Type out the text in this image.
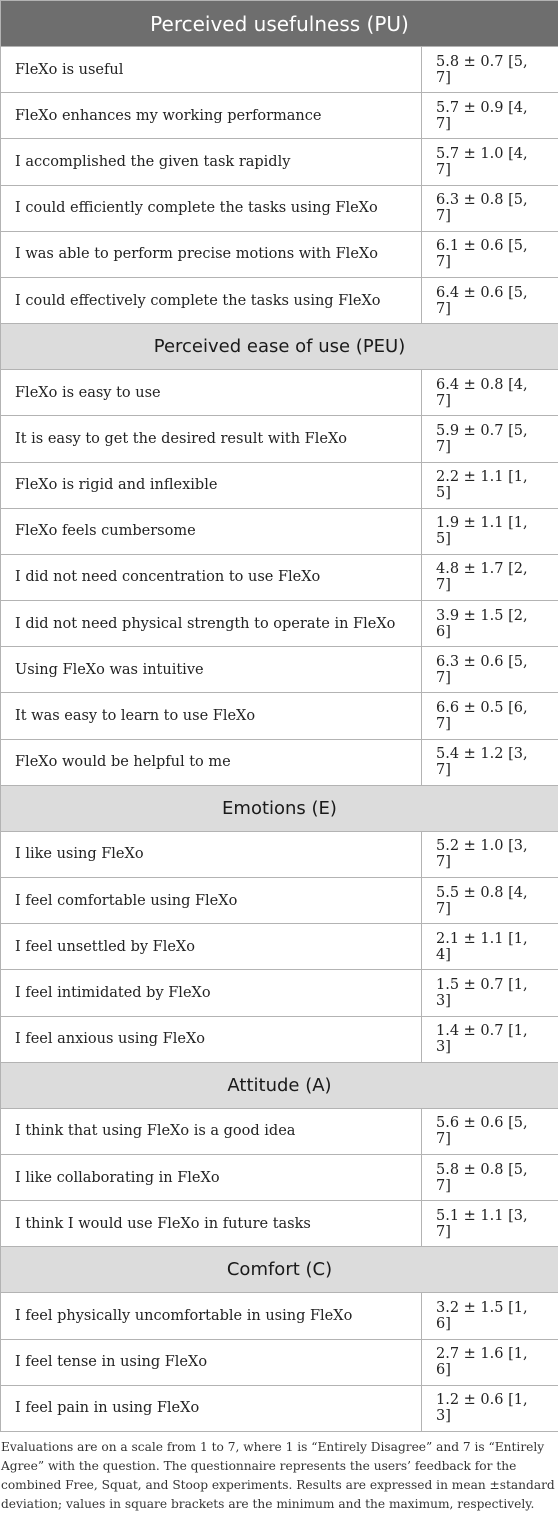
Perceived usefulness (PU)	
FleXo is useful	5.8 ± 0.7 [5, 7]
FleXo enhances my working performance	5.7 ± 0.9 [4, 7]
I accomplished the given task rapidly	5.7 ± 1.0 [4, 7]
I could efficiently complete the tasks using FleXo	6.3 ± 0.8 [5, 7]
I was able to perform precise motions with FleXo	6.1 ± 0.6 [5, 7]
I could effectively complete the tasks using FleXo	6.4 ± 0.6 [5, 7]
Perceived ease of use (PEU)	
FleXo is easy to use	6.4 ± 0.8 [4, 7]
It is easy to get the desired result with FleXo	5.9 ± 0.7 [5, 7]
FleXo is rigid and inflexible	2.2 ± 1.1 [1, 5]
FleXo feels cumbersome	1.9 ± 1.1 [1, 5]
I did not need concentration to use FleXo	4.8 ± 1.7 [2, 7]
I did not need physical strength to operate in FleXo	3.9 ± 1.5 [2, 6]
Using FleXo was intuitive	6.3 ± 0.6 [5, 7]
It was easy to learn to use FleXo	6.6 ± 0.5 [6, 7]
FleXo would be helpful to me	5.4 ± 1.2 [3, 7]
Emotions (E)	
I like using FleXo	5.2 ± 1.0 [3, 7]
I feel comfortable using FleXo	5.5 ± 0.8 [4, 7]
I feel unsettled by FleXo	2.1 ± 1.1 [1, 4]
I feel intimidated by FleXo	1.5 ± 0.7 [1, 3]
I feel anxious using FleXo	1.4 ± 0.7 [1, 3]
Attitude (A)	
I think that using FleXo is a good idea	5.6 ± 0.6 [5, 7]
I like collaborating in FleXo	5.8 ± 0.8 [5, 7]
I think I would use FleXo in future tasks	5.1 ± 1.1 [3, 7]
Comfort (C)	
I feel physically uncomfortable in using FleXo	3.2 ± 1.5 [1, 6]
I feel tense in using FleXo	2.7 ± 1.6 [1, 6]
I feel pain in using FleXo	1.2 ± 0.6 [1, 3]

Evaluations are on a scale from 1 to 7, where 1 is “Entirely Disagree” and 7 is “Entirely Agree” with the question. The questionnaire represents the users’ feedback for the combined Free, Squat, and Stoop experiments. Results are expressed in mean ±standard deviation; values in square brackets are the minimum and the maximum, respectively.
